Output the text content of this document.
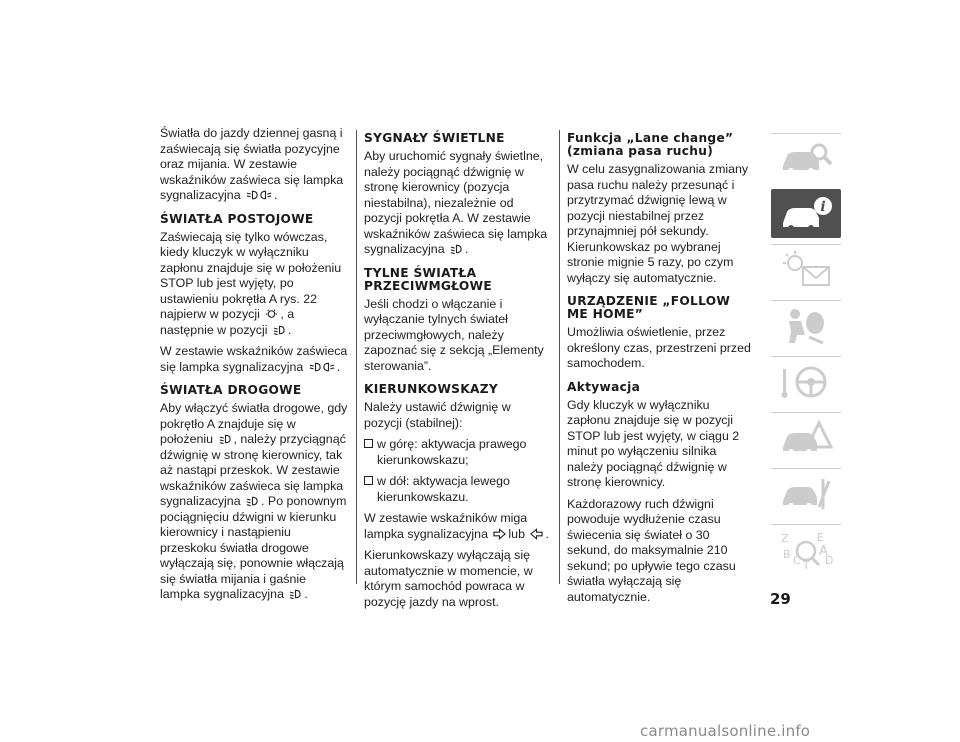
Światła do jazdy dziennej gasną i zaświecają się światła pozycyjne oraz mijania. W zestawie wskaźników zaświeca się lampka sygnalizacyjna	.

ŚWIATŁA POSTOJOWE

Zaświecają się tylko wówczas, kiedy kluczyk w wyłączniku zapłonu znajduje się w położeniu STOP lub jest wyjęty, po ustawieniu pokrętła A rys. 22 najpierw w pozycji , a następnie w pozycji .

W zestawie wskaźników zaświeca się lampka sygnalizacyjna	.

ŚWIATŁA DROGOWE

Aby włączyć światła drogowe, gdy pokrętło A znajduje się w położeniu , należy przyciągnąć dźwignię w stronę kierownicy, tak aż nastąpi przeskok. W zestawie wskaźników zaświeca się lampka sygnalizacyjna . Po ponownym pociągnięciu dźwigni w kierunku kierownicy i nastąpieniu przeskoku światła drogowe wyłączają się, ponownie włączają się światła mijania i gaśnie lampka sygnalizacyjna .

SYGNAŁY ŚWIETLNE

Aby uruchomić sygnały świetlne, należy pociągnąć dźwignię w stronę kierownicy (pozycja niestabilna), niezależnie od pozycji pokrętła A. W zestawie wskaźników zaświeca się lampka sygnalizacyjna .

TYLNE ŚWIATŁA PRZECIWMGŁOWE

Jeśli chodzi o włączanie i wyłączanie tylnych świateł przeciwmgłowych, należy zapoznać się z sekcją „Elementy sterowania”.

KIERUNKOWSKAZY

Należy ustawić dźwignię w pozycji (stabilnej):

w górę: aktywacja prawego kierunkowskazu;

w dół: aktywacja lewego kierunkowskazu.

W zestawie wskaźników miga lampka sygnalizacyjna lub .

Kierunkowskazy wyłączają się automatycznie w momencie, w którym samochód powraca w pozycję jazdy na wprost.

Funkcja „Lane change” (zmiana pasa ruchu)

W celu zasygnalizowania zmiany pasa ruchu należy przesunąć i przytrzymać dźwignię lewą w pozycji niestabilnej przez przynajmniej pół sekundy. Kierunkowskaz po wybranej stronie mignie 5 razy, po czym wyłączy się automatycznie.

URZĄDZENIE „FOLLOW ME HOME”

Umożliwia oświetlenie, przez określony czas, przestrzeni przed samochodem.

Aktywacja

Gdy kluczyk w wyłączniku zapłonu znajduje się w pozycji STOP lub jest wyjęty, w ciągu 2 minut po wyłączeniu silnika należy pociągnąć dźwignię w stronę kierownicy.

Każdorazowy ruch dźwigni powoduje wydłużenie czasu świecenia się świateł o 30 sekund, do maksymalnie 210 sekund; po upływie tego czasu światła wyłączają się automatycznie.

i
Z	E
B A
C T D
29
carmanualsonline.info
